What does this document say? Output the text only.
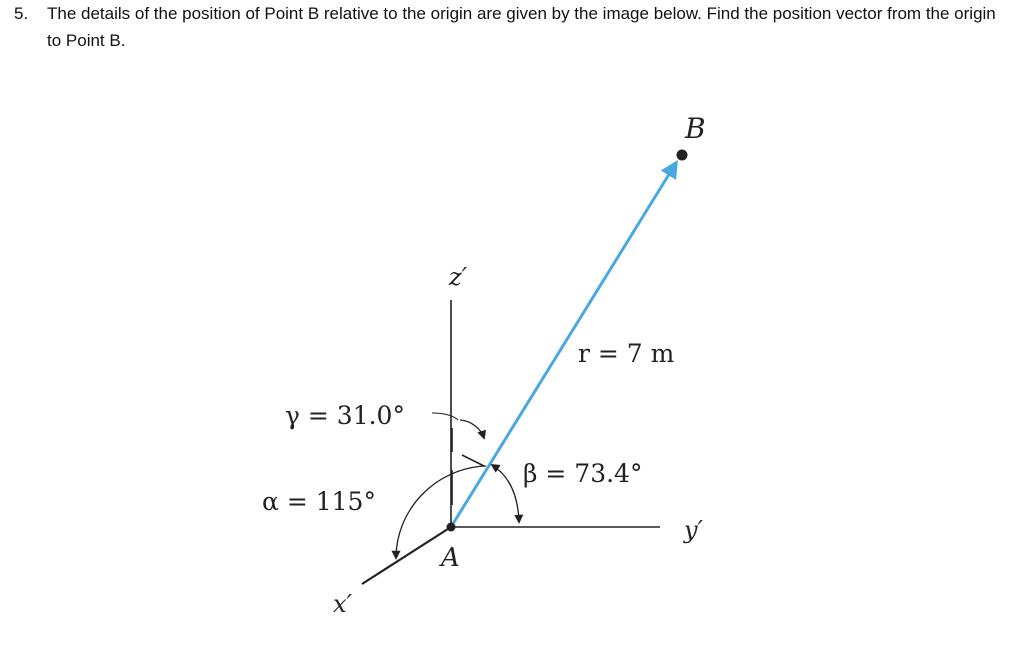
5. The details of the position of Point B relative to the origin are given by the image below. Find the position vector from the origin to Point B.
B
A
z′
y′
x′
r = 7 m
γ = 31.0°
β = 73.4°
α = 115°
